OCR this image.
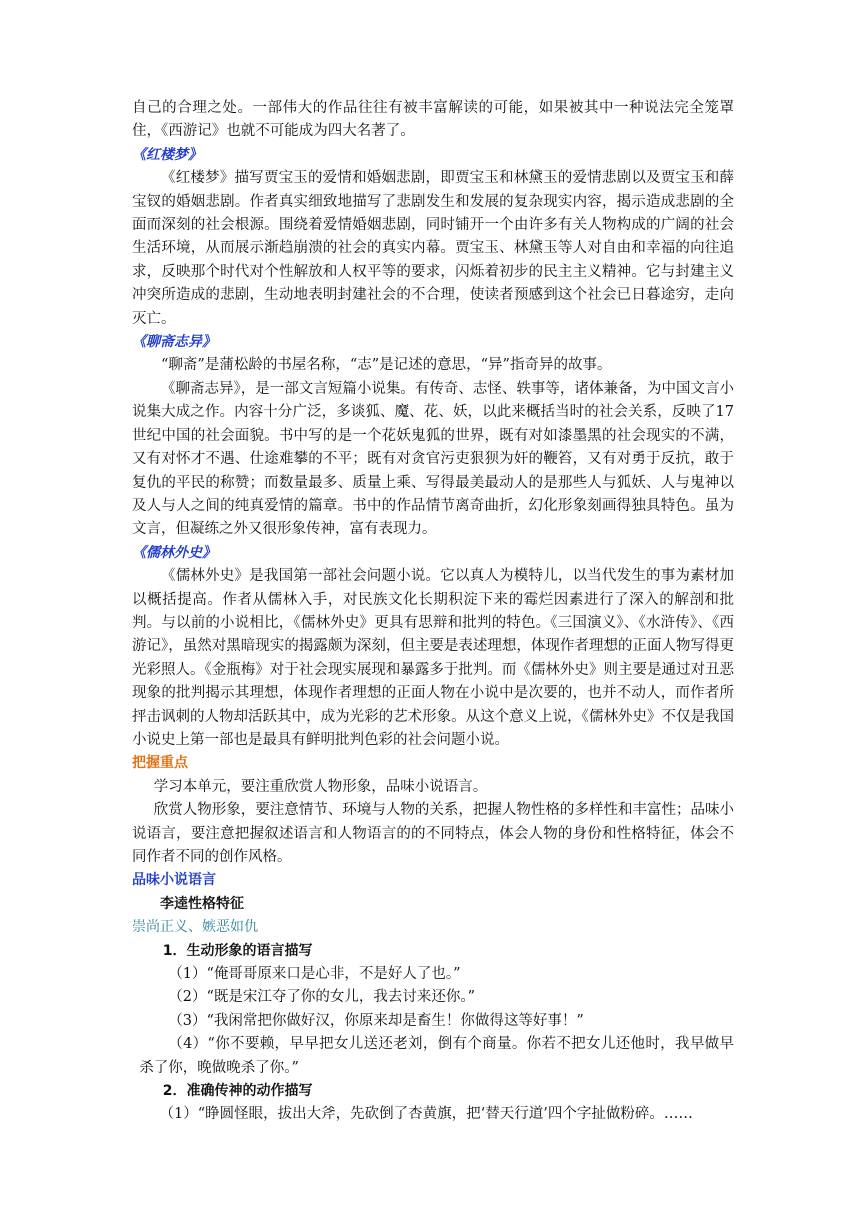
自己的合理之处。一部伟大的作品往往有被丰富解读的可能，如果被其中一种说法完全笼罩住，《西游记》也就不可能成为四大名著了。

《红楼梦》

《红楼梦》描写贾宝玉的爱情和婚姻悲剧，即贾宝玉和林黛玉的爱情悲剧以及贾宝玉和薛宝钗的婚姻悲剧。作者真实细致地描写了悲剧发生和发展的复杂现实内容，揭示造成悲剧的全面而深刻的社会根源。围绕着爱情婚姻悲剧，同时铺开一个由许多有关人物构成的广阔的社会生活环境，从而展示渐趋崩溃的社会的真实内幕。贾宝玉、林黛玉等人对自由和幸福的向往追求，反映那个时代对个性解放和人权平等的要求，闪烁着初步的民主主义精神。它与封建主义冲突所造成的悲剧，生动地表明封建社会的不合理，使读者预感到这个社会已日暮途穷，走向灭亡。

《聊斋志异》

“聊斋”是蒲松龄的书屋名称，“志”是记述的意思，“异”指奇异的故事。

《聊斋志异》，是一部文言短篇小说集。有传奇、志怪、轶事等，诸体兼备，为中国文言小说集大成之作。内容十分广泛，多谈狐、魔、花、妖，以此来概括当时的社会关系，反映了17世纪中国的社会面貌。书中写的是一个花妖鬼狐的世界，既有对如漆墨黑的社会现实的不满，又有对怀才不遇、仕途难攀的不平；既有对贪官污吏狠狈为奸的鞭笞，又有对勇于反抗，敢于复仇的平民的称赞；而数量最多、质量上乘、写得最美最动人的是那些人与狐妖、人与鬼神以及人与人之间的纯真爱情的篇章。书中的作品情节离奇曲折，幻化形象刻画得独具特色。虽为文言，但凝练之外又很形象传神，富有表现力。

《儒林外史》

《儒林外史》是我国第一部社会问题小说。它以真人为模特儿，以当代发生的事为素材加以概括提高。作者从儒林入手，对民族文化长期积淀下来的霉烂因素进行了深入的解剖和批判。与以前的小说相比，《儒林外史》更具有思辩和批判的特色。《三国演义》、《水浒传》、《西游记》，虽然对黑暗现实的揭露颇为深刻，但主要是表述理想，体现作者理想的正面人物写得更光彩照人。《金瓶梅》对于社会现实展现和暴露多于批判。而《儒林外史》则主要是通过对丑恶现象的批判揭示其理想，体现作者理想的正面人物在小说中是次要的，也并不动人，而作者所抨击讽刺的人物却活跃其中，成为光彩的艺术形象。从这个意义上说，《儒林外史》不仅是我国小说史上第一部也是最具有鲜明批判色彩的社会问题小说。

把握重点

学习本单元，要注重欣赏人物形象，品味小说语言。

欣赏人物形象，要注意情节、环境与人物的关系，把握人物性格的多样性和丰富性；品味小说语言，要注意把握叙述语言和人物语言的的不同特点，体会人物的身份和性格特征，体会不同作者不同的创作风格。

品味小说语言

李逵性格特征

崇尚正义、嫉恶如仇

1．生动形象的语言描写

（1）“俺哥哥原来口是心非，不是好人了也。”

（2）“既是宋江夺了你的女儿，我去讨来还你。”

（3）“我闲常把你做好汉，你原来却是畜生！你做得这等好事！”

（4）“你不要赖，早早把女儿送还老刘，倒有个商量。你若不把女儿还他时，我早做早杀了你，晚做晚杀了你。”

2．准确传神的动作描写

（1）“睁圆怪眼，拔出大斧，先砍倒了杏黄旗，把‘替天行道’四个字扯做粉碎。……
